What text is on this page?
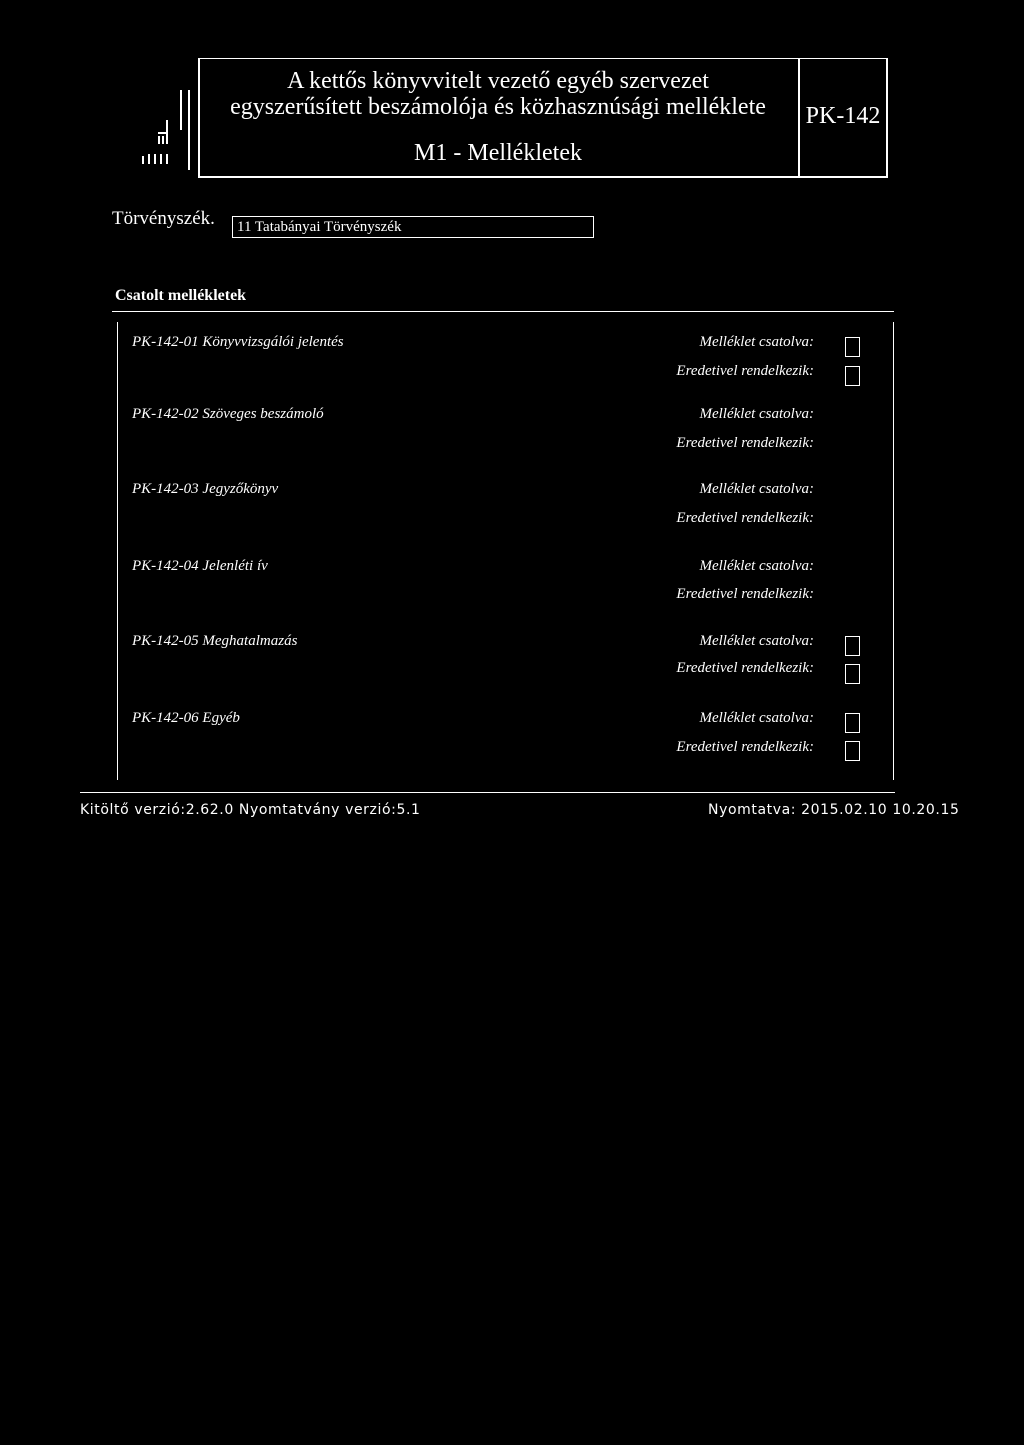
A kettős könyvvitelt vezető egyéb szervezet
egyszerűsített beszámolója és közhasznúsági melléklete
M1 - Mellékletek
PK-142
Törvényszék.	11 Tatabányai Törvényszék
Csatolt mellékletek
PK-142-01 Könyvvizsgálói jelentés	Melléklet csatolva:
Eredetivel rendelkezik:
PK-142-02 Szöveges beszámoló	Melléklet csatolva:
Eredetivel rendelkezik:
PK-142-03 Jegyzőkönyv	Melléklet csatolva:
Eredetivel rendelkezik:
PK-142-04 Jelenléti ív	Melléklet csatolva:
Eredetivel rendelkezik:
PK-142-05 Meghatalmazás	Melléklet csatolva:
Eredetivel rendelkezik:
PK-142-06 Egyéb	Melléklet csatolva:
Eredetivel rendelkezik:
Kitöltő verzió:2.62.0 Nyomtatvány verzió:5.1	Nyomtatva: 2015.02.10 10.20.15
